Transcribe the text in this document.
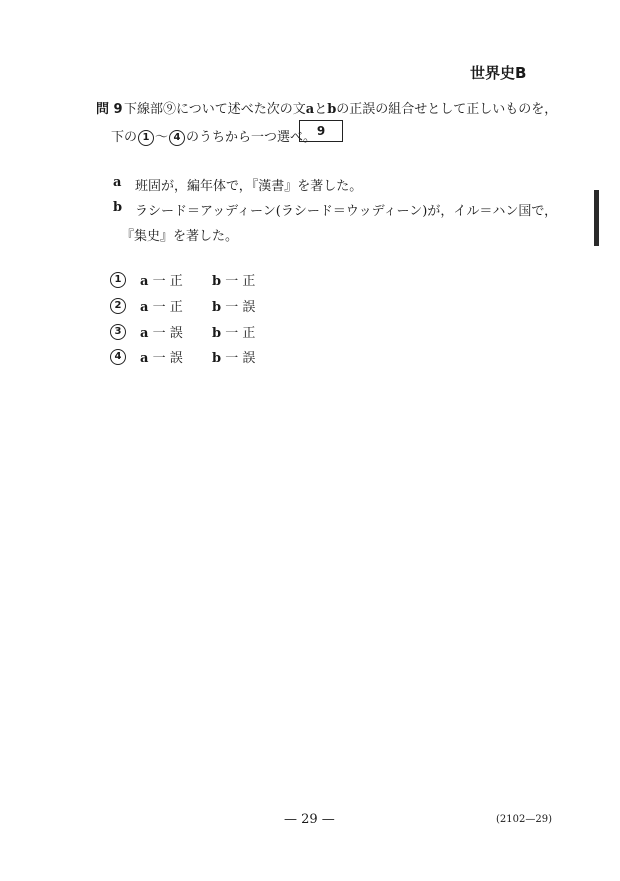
世界史B
問 9 下線部⑨について述べた次の文aとbの正誤の組合せとして正しいものを，
下の 1 ～ 4 のうちから一つ選べ。 9
a 班固が，編年体で，『漢書』を著した。
b ラシード＝アッディーン(ラシード＝ウッディーン)が，イル＝ハン国で，
『集史』を著した。
1	a 一 正	b 一 正
2	a 一 正	b 一 誤
3	a 一 誤	b 一 正
4	a 一 誤	b 一 誤
— 29 —	(2102—29)
